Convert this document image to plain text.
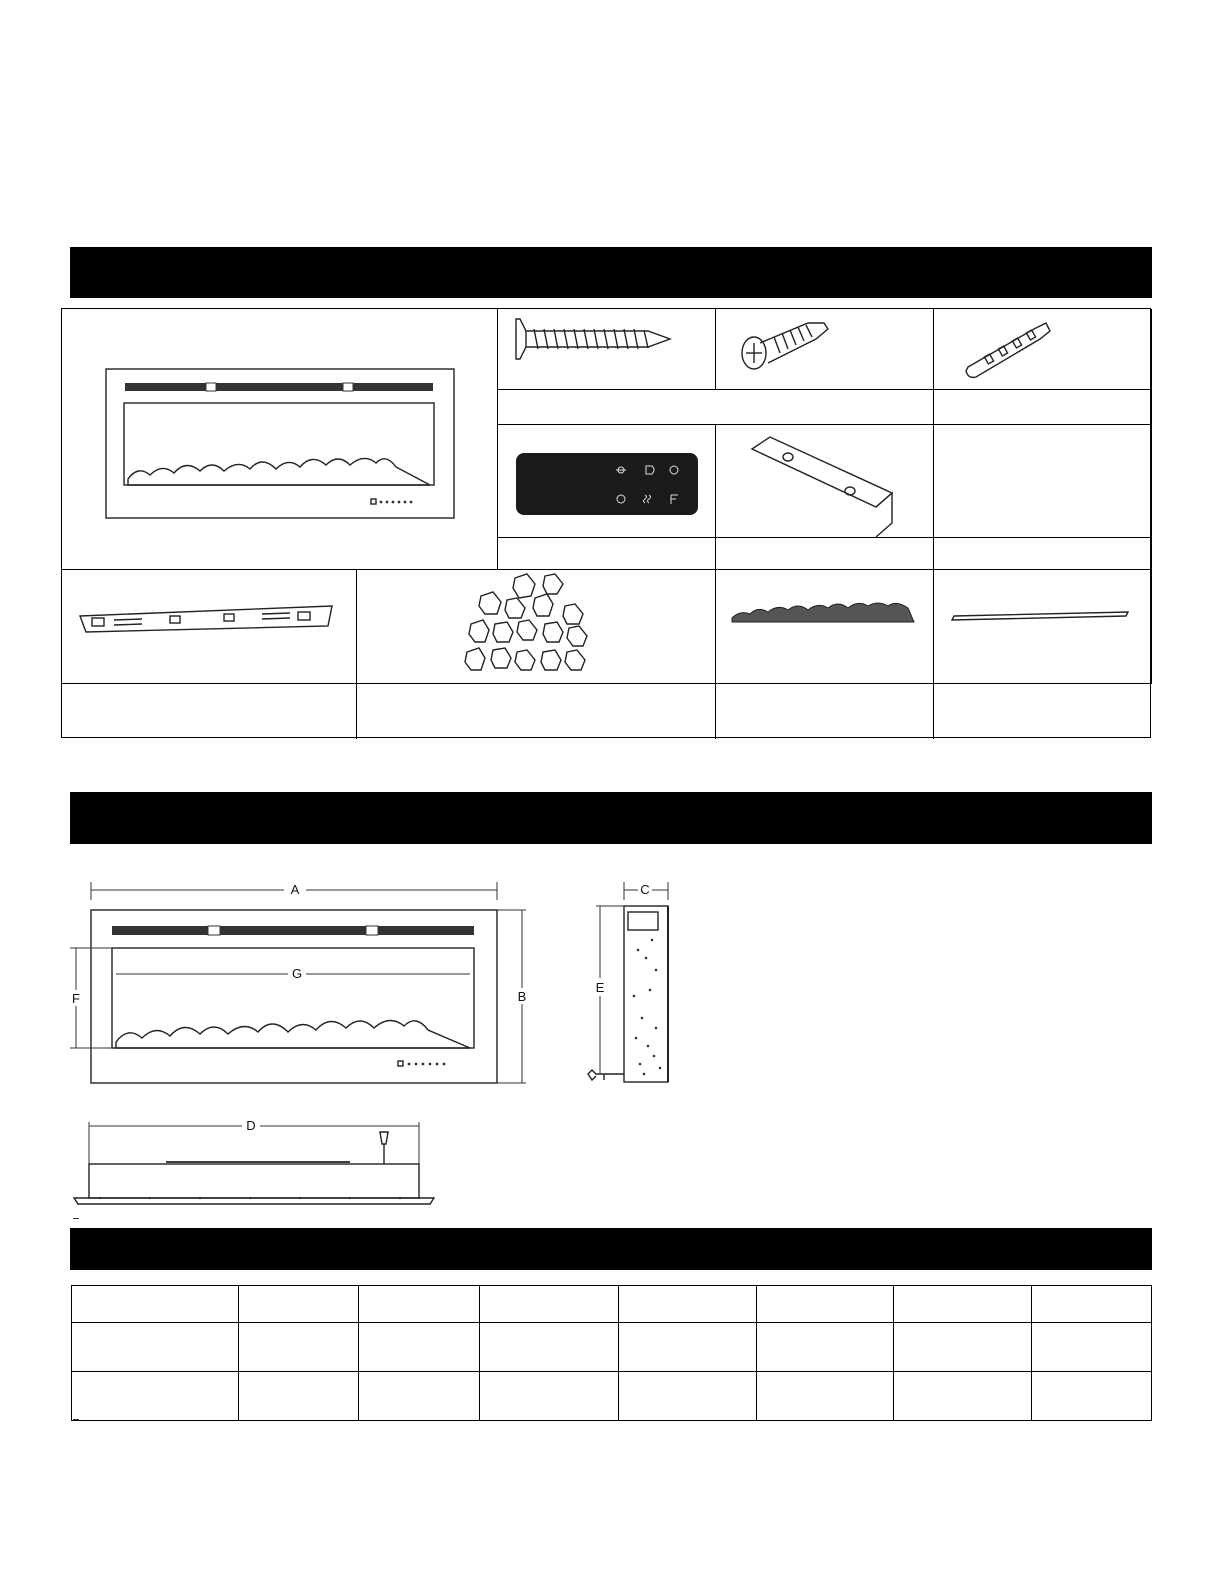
A
G
F	B
C
E
D
